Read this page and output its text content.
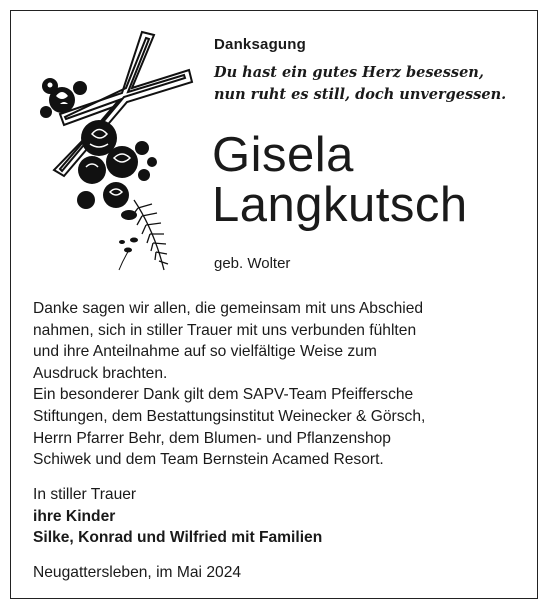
Danksagung
Du hast ein gutes Herz besessen,
nun ruht es still, doch unvergessen.
Gisela
Langkutsch
geb. Wolter
Danke sagen wir allen, die gemeinsam mit uns Abschied
nahmen, sich in stiller Trauer mit uns verbunden fühlten
und ihre Anteilnahme auf so vielfältige Weise zum
Ausdruck brachten.
Ein besonderer Dank gilt dem SAPV-Team Pfeiffersche
Stiftungen, dem Bestattungsinstitut Weinecker & Görsch,
Herrn Pfarrer Behr, dem Blumen- und Pflanzenshop
Schiwek und dem Team Bernstein Acamed Resort.
In stiller Trauer
ihre Kinder
Silke, Konrad und Wilfried mit Familien
Neugattersleben, im Mai 2024
